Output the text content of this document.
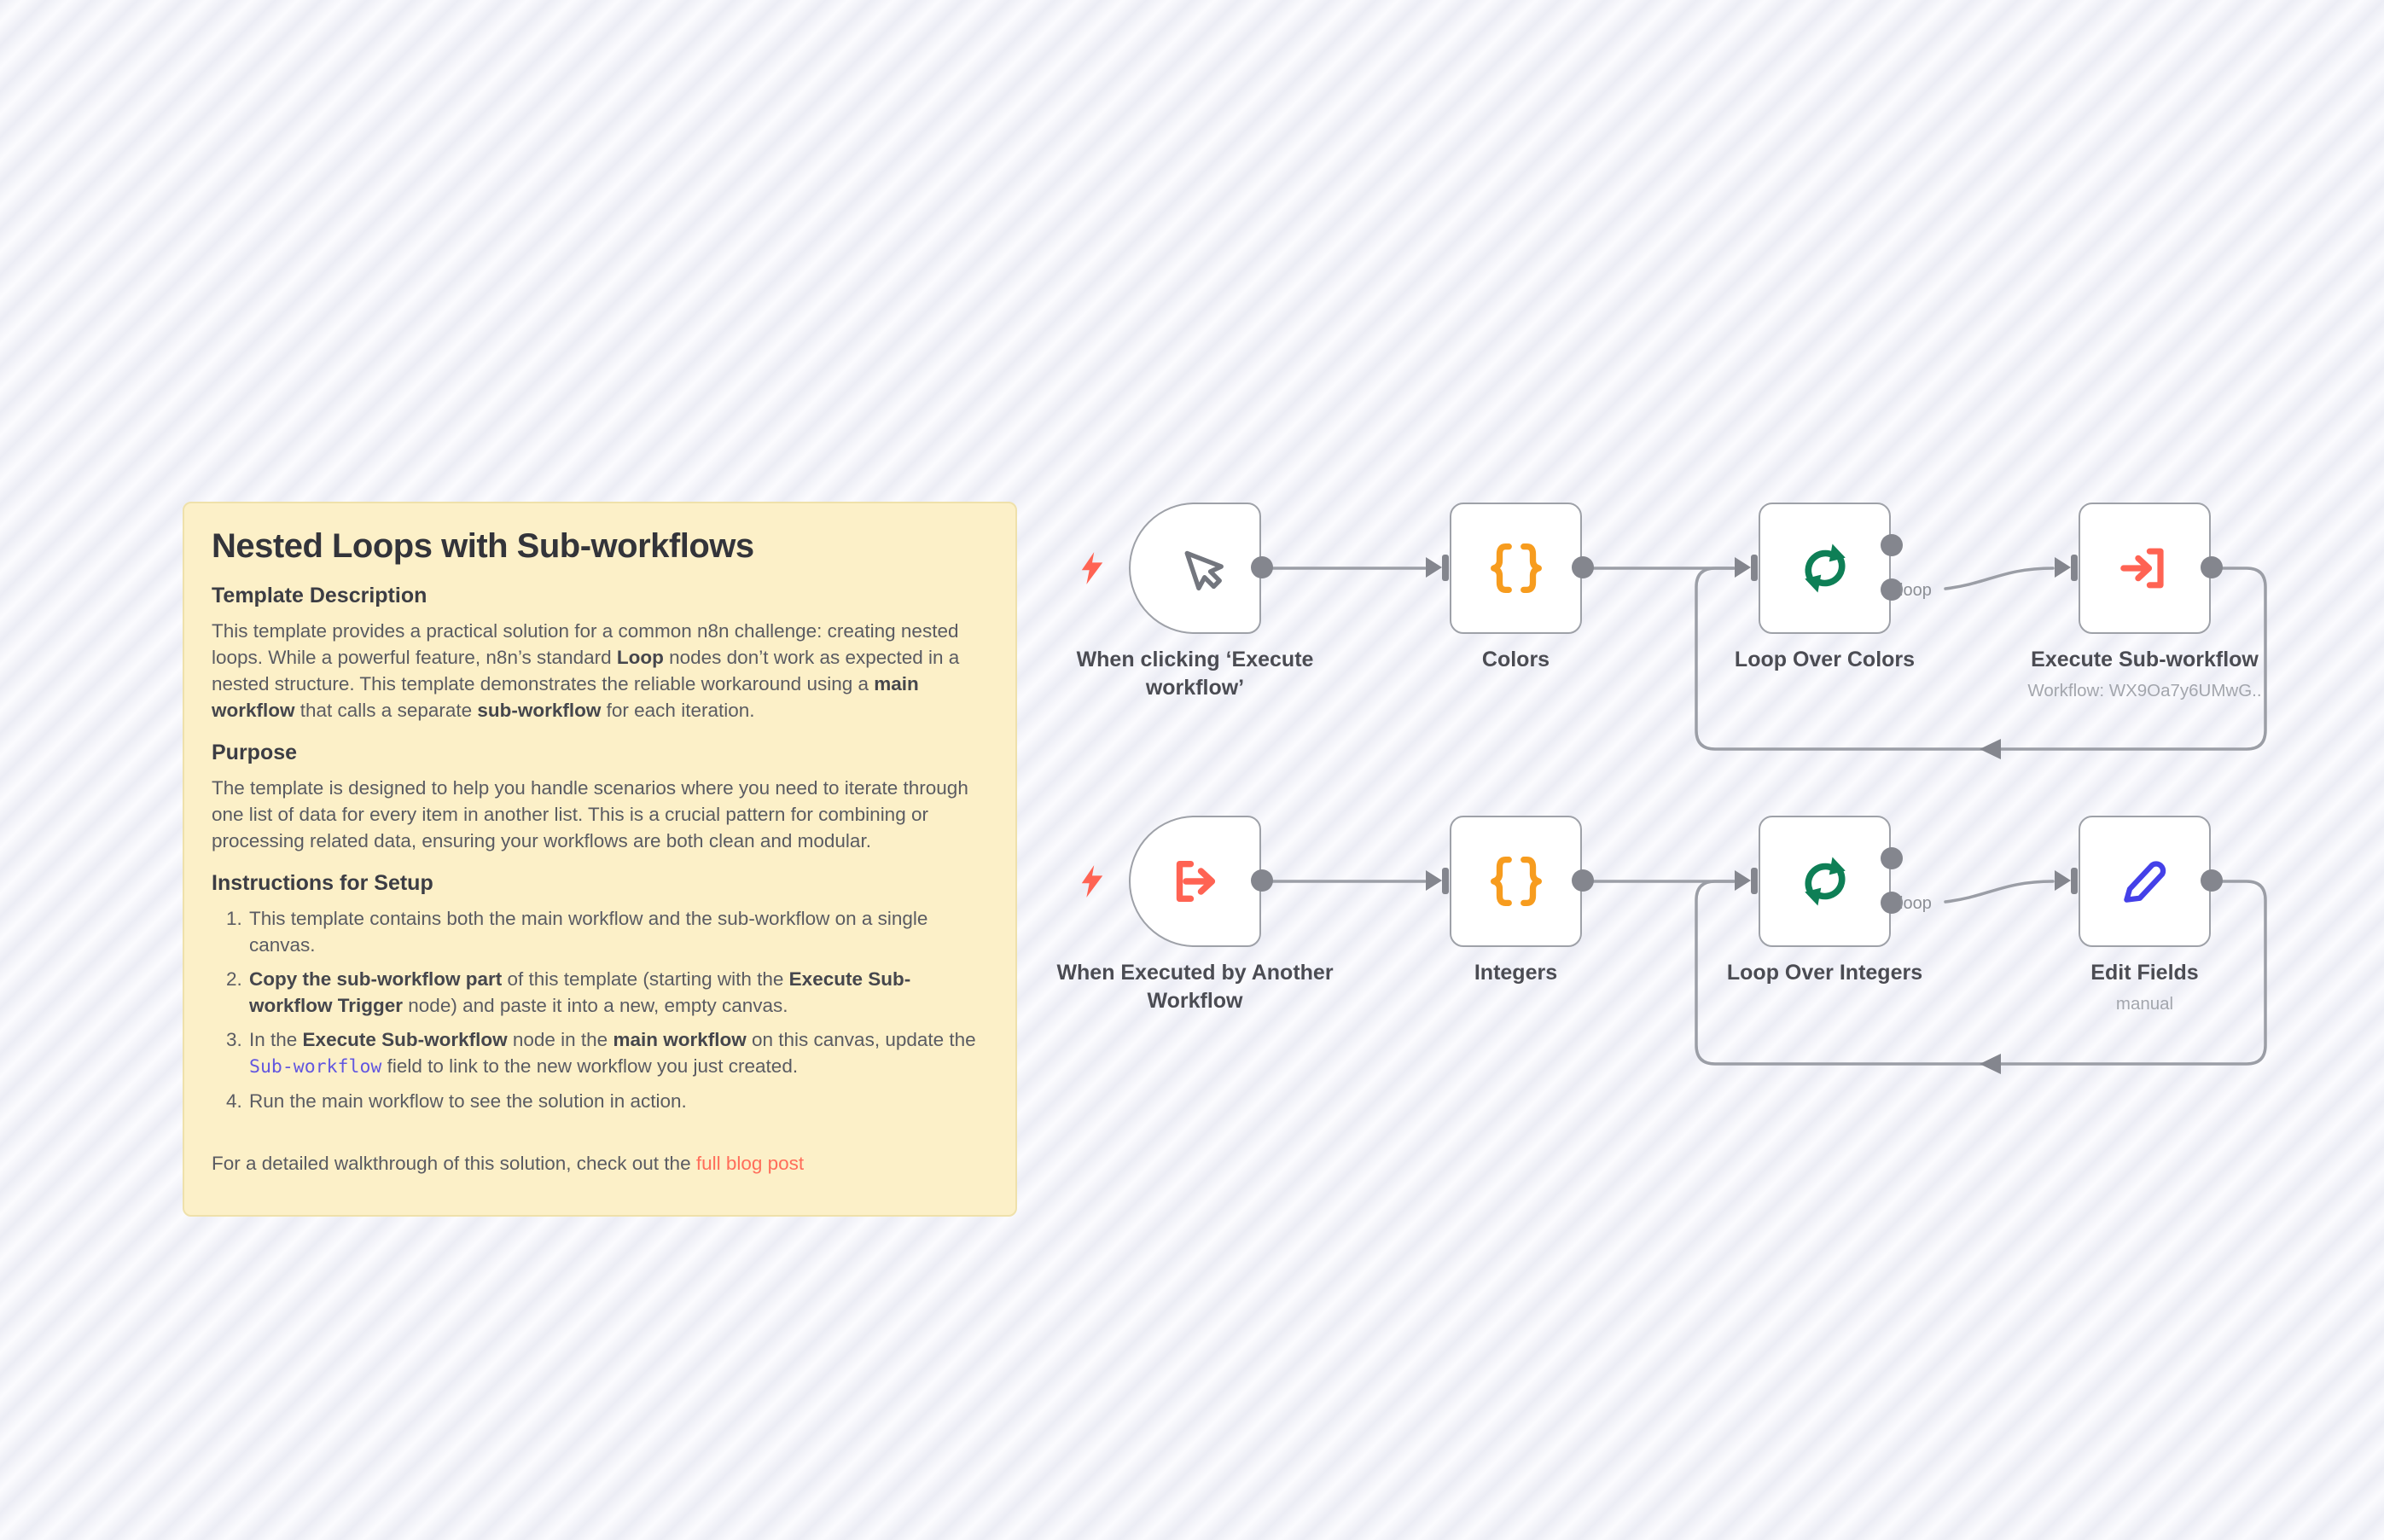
Nested Loops with Sub-workflows
Template Description

This template provides a practical solution for a common n8n challenge: creating nested loops. While a powerful feature, n8n’s standard Loop nodes don’t work as expected in a nested structure. This template demonstrates the reliable workaround using a main workflow that calls a separate sub-workflow for each iteration.

Purpose

The template is designed to help you handle scenarios where you need to iterate through one list of data for every item in another list. This is a crucial pattern for combining or processing related data, ensuring your workflows are both clean and modular.

Instructions for Setup
1. This template contains both the main workflow and the sub-workflow on a single canvas.
2. Copy the sub-workflow part of this template (starting with the Execute Sub-workflow Trigger node) and paste it into a new, empty canvas.
3. In the Execute Sub-workflow node in the main workflow on this canvas, update the Sub-workflow field to link to the new workflow you just created.
4. Run the main workflow to see the solution in action.

For a detailed walkthrough of this solution, check out the full blog post

When clicking ‘Execute workflow’
Colors	Loop Over Colors	Execute Sub-workflow
Workflow: WX9Oa7y6UMwG..
When Executed by Another Workflow
Integers	Loop Over Integers	Edit Fields
manual
loop
loop
